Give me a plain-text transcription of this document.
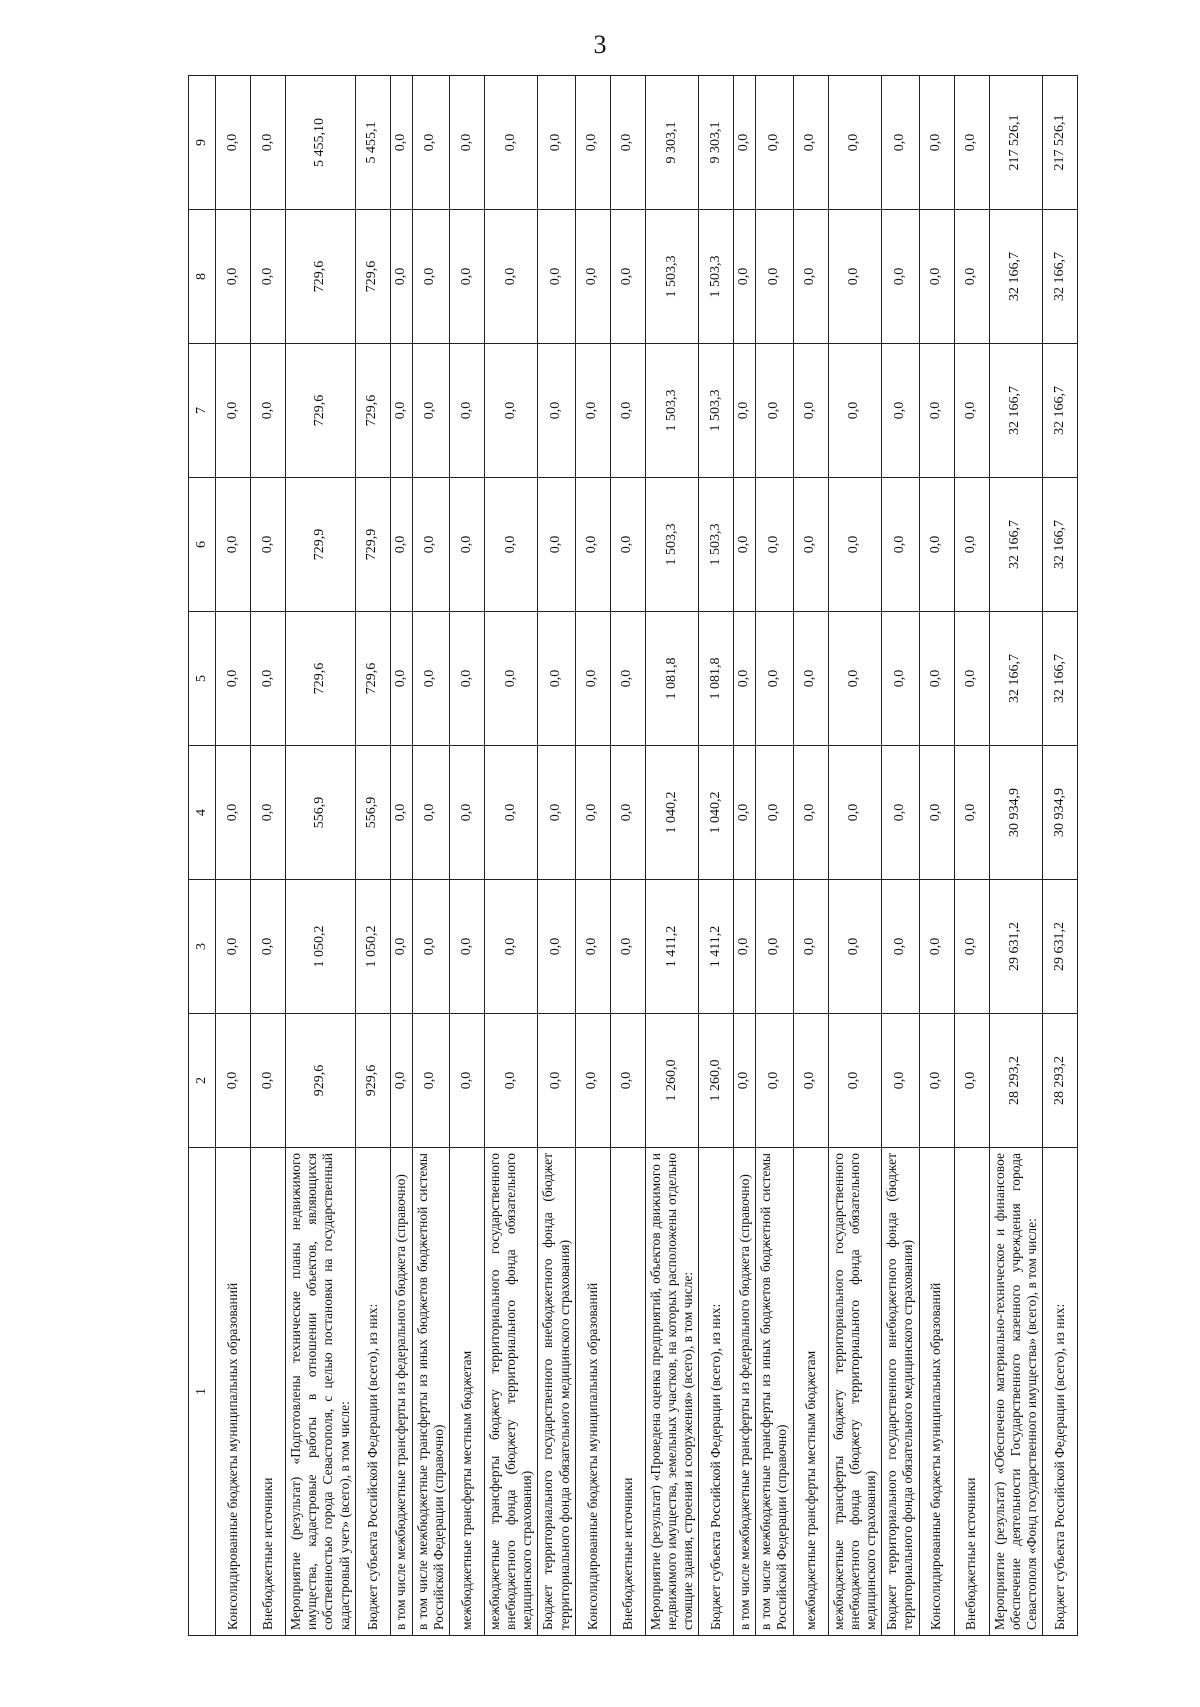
3
1	2	3	4	5	6	7	8	9
Консолидированные бюджеты муниципальных образований	0,0	0,0	0,0	0,0	0,0	0,0	0,0	0,0
Внебюджетные источники	0,0	0,0	0,0	0,0	0,0	0,0	0,0	0,0
Мероприятие (результат) «Подготовлены технические планы недвижимого имущества, кадастровые работы в отношении объектов, являющихся собственностью города Севастополя, с целью постановки на государственный кадастровый учет» (всего), в том числе:	929,6	1 050,2	556,9	729,6	729,9	729,6	729,6	5 455,10
Бюджет субъекта Российской Федерации (всего), из них:	929,6	1 050,2	556,9	729,6	729,9	729,6	729,6	5 455,1
в том числе межбюджетные трансферты из федерального бюджета (справочно)	0,0	0,0	0,0	0,0	0,0	0,0	0,0	0,0
в том числе межбюджетные трансферты из иных бюджетов бюджетной системы Российской Федерации (справочно)	0,0	0,0	0,0	0,0	0,0	0,0	0,0	0,0
межбюджетные трансферты местным бюджетам	0,0	0,0	0,0	0,0	0,0	0,0	0,0	0,0
межбюджетные трансферты бюджету территориального государственного внебюджетного фонда (бюджету территориального фонда обязательного медицинского страхования)	0,0	0,0	0,0	0,0	0,0	0,0	0,0	0,0
Бюджет территориального государственного внебюджетного фонда (бюджет территориального фонда обязательного медицинского страхования)	0,0	0,0	0,0	0,0	0,0	0,0	0,0	0,0
Консолидированные бюджеты муниципальных образований	0,0	0,0	0,0	0,0	0,0	0,0	0,0	0,0
Внебюджетные источники	0,0	0,0	0,0	0,0	0,0	0,0	0,0	0,0
Мероприятие (результат) «Проведена оценка предприятий, объектов движимого и недвижимого имущества, земельных участков, на которых расположены отдельно стоящие здания, строения и сооружения» (всего), в том числе:	1 260,0	1 411,2	1 040,2	1 081,8	1 503,3	1 503,3	1 503,3	9 303,1
Бюджет субъекта Российской Федерации (всего), из них:	1 260,0	1 411,2	1 040,2	1 081,8	1 503,3	1 503,3	1 503,3	9 303,1
в том числе межбюджетные трансферты из федерального бюджета (справочно)	0,0	0,0	0,0	0,0	0,0	0,0	0,0	0,0
в том числе межбюджетные трансферты из иных бюджетов бюджетной системы Российской Федерации (справочно)	0,0	0,0	0,0	0,0	0,0	0,0	0,0	0,0
межбюджетные трансферты местным бюджетам	0,0	0,0	0,0	0,0	0,0	0,0	0,0	0,0
межбюджетные трансферты бюджету территориального государственного внебюджетного фонда (бюджету территориального фонда обязательного медицинского страхования)	0,0	0,0	0,0	0,0	0,0	0,0	0,0	0,0
Бюджет территориального государственного внебюджетного фонда (бюджет территориального фонда обязательного медицинского страхования)	0,0	0,0	0,0	0,0	0,0	0,0	0,0	0,0
Консолидированные бюджеты муниципальных образований	0,0	0,0	0,0	0,0	0,0	0,0	0,0	0,0
Внебюджетные источники	0,0	0,0	0,0	0,0	0,0	0,0	0,0	0,0
Мероприятие (результат) «Обеспечено материально-техническое и финансовое обеспечение деятельности Государственного казенного учреждения города Севастополя «Фонд государственного имущества» (всего), в том числе:	28 293,2	29 631,2	30 934,9	32 166,7	32 166,7	32 166,7	32 166,7	217 526,1
Бюджет субъекта Российской Федерации (всего), из них:	28 293,2	29 631,2	30 934,9	32 166,7	32 166,7	32 166,7	32 166,7	217 526,1
